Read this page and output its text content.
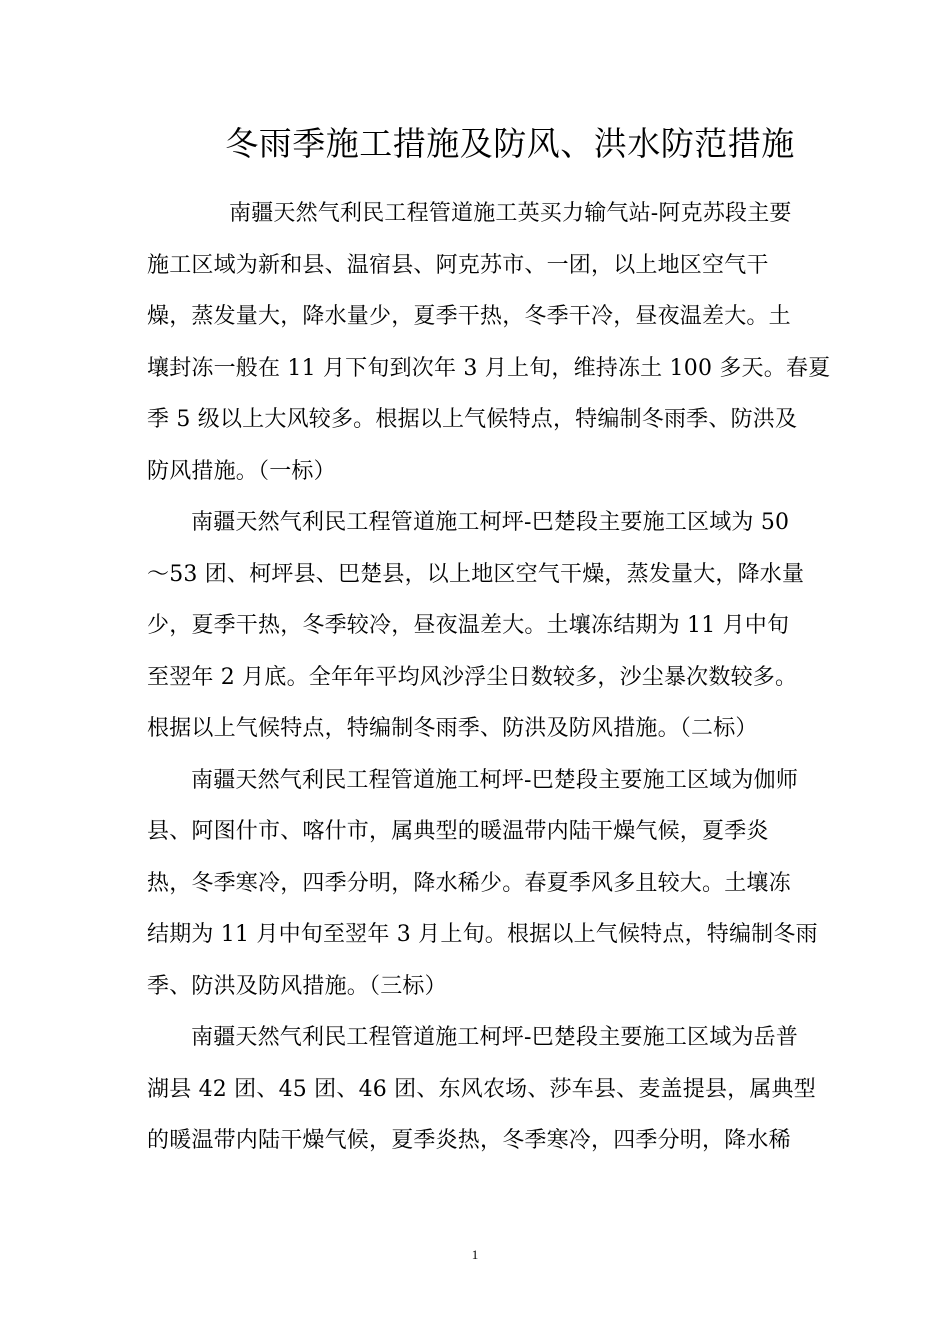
冬雨季施工措施及防风、洪水防范措施
南疆天然气利民工程管道施工英买力输气站-阿克苏段主要
施工区域为新和县、温宿县、阿克苏市、一团，以上地区空气干
燥，蒸发量大，降水量少，夏季干热，冬季干冷，昼夜温差大。土
壤封冻一般在 11 月下旬到次年 3 月上旬，维持冻土 100 多天。春夏
季 5 级以上大风较多。根据以上气候特点，特编制冬雨季、防洪及
防风措施。（一标）
南疆天然气利民工程管道施工柯坪-巴楚段主要施工区域为 50
～53 团、柯坪县、巴楚县，以上地区空气干燥，蒸发量大，降水量
少，夏季干热，冬季较冷，昼夜温差大。土壤冻结期为 11 月中旬
至翌年 2 月底。全年年平均风沙浮尘日数较多，沙尘暴次数较多。
根据以上气候特点，特编制冬雨季、防洪及防风措施。（二标）
南疆天然气利民工程管道施工柯坪-巴楚段主要施工区域为伽师
县、阿图什市、喀什市，属典型的暖温带内陆干燥气候，夏季炎
热，冬季寒冷，四季分明，降水稀少。春夏季风多且较大。土壤冻
结期为 11 月中旬至翌年 3 月上旬。根据以上气候特点，特编制冬雨
季、防洪及防风措施。（三标）
南疆天然气利民工程管道施工柯坪-巴楚段主要施工区域为岳普
湖县 42 团、45 团、46 团、东风农场、莎车县、麦盖提县，属典型
的暖温带内陆干燥气候，夏季炎热，冬季寒冷，四季分明，降水稀
1
